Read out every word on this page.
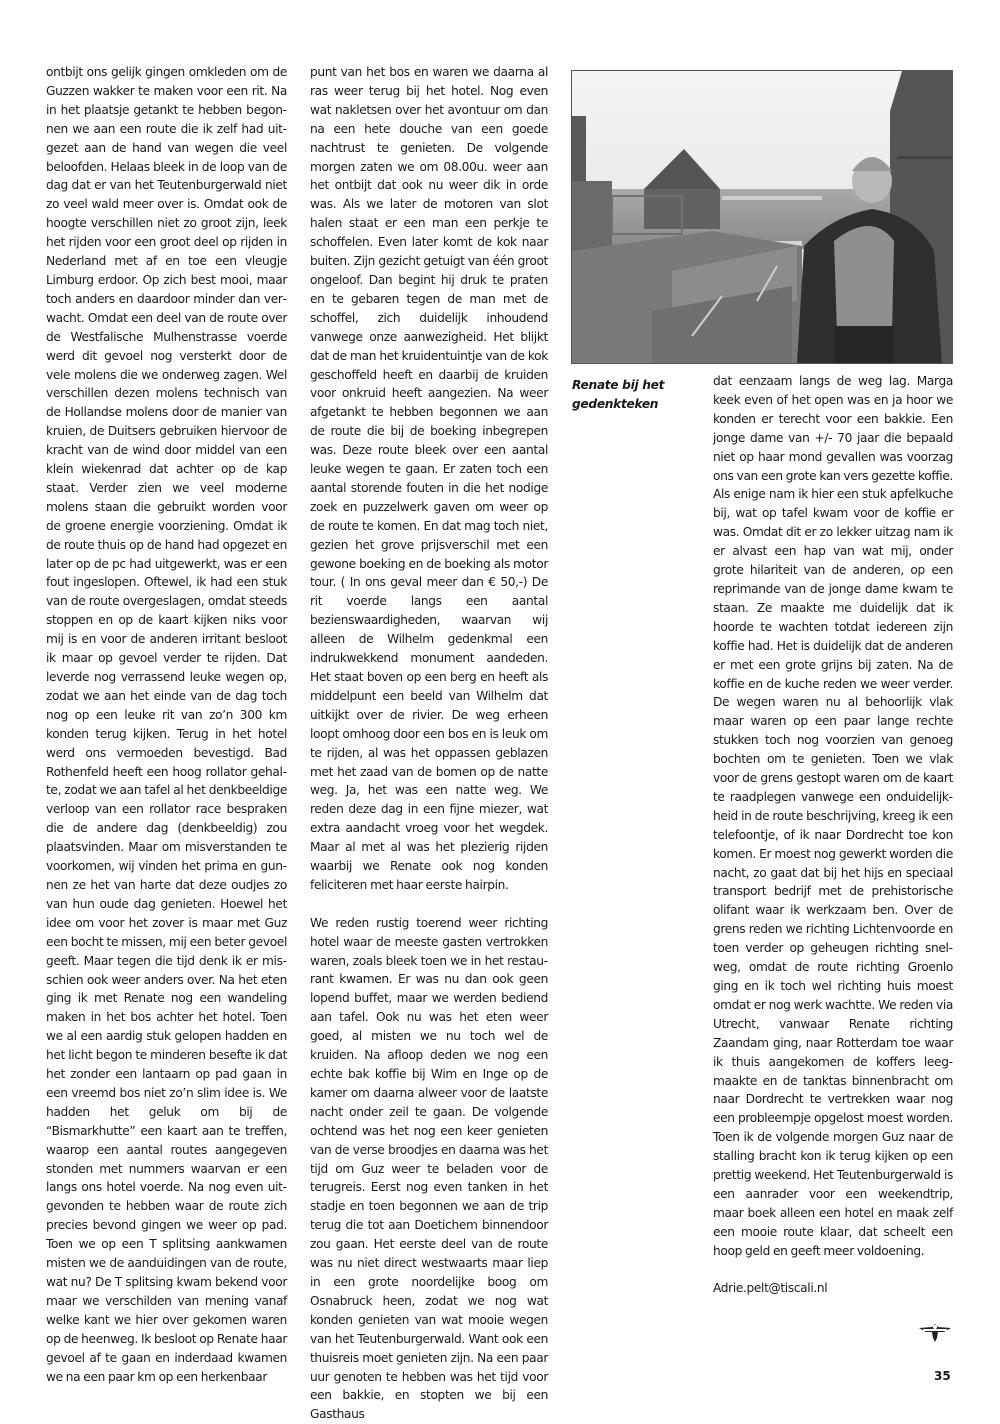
ontbijt ons gelijk gingen omkleden om de Guzzen wakker te maken voor een rit. Na in het plaatsje getankt te hebben begonnen we aan een route die ik zelf had uitgezet aan de hand van wegen die veel beloofden. Helaas bleek in de loop van de dag dat er van het Teutenburgerwald niet zo veel wald meer over is. Omdat ook de hoogte verschillen niet zo groot zijn, leek het rijden voor een groot deel op rijden in Nederland met af en toe een vleugje Limburg erdoor. Op zich best mooi, maar toch anders en daardoor minder dan verwacht. Omdat een deel van de route over de Westfalische Mulhenstrasse voerde werd dit gevoel nog versterkt door de vele molens die we onderweg zagen. Wel verschillen dezen molens technisch van de Hollandse molens door de manier van kruien, de Duitsers gebruiken hiervoor de kracht van de wind door middel van een klein wiekenrad dat achter op de kap staat. Verder zien we veel moderne molens staan die gebruikt worden voor de groene energie voorziening. Omdat ik de route thuis op de hand had opgezet en later op de pc had uitgewerkt, was er een fout ingeslopen. Oftewel, ik had een stuk van de route overgeslagen, omdat steeds stoppen en op de kaart kijken niks voor mij is en voor de anderen irritant besloot ik maar op gevoel verder te rijden. Dat leverde nog verrassend leuke wegen op, zodat we aan het einde van de dag toch nog op een leuke rit van zo’n 300 km konden terug kijken. Terug in het hotel werd ons vermoeden bevestigd. Bad Rothenfeld heeft een hoog rollator gehalte, zodat we aan tafel al het denkbeeldige verloop van een rollator race bespraken die de andere dag (denkbeeldig) zou plaatsvinden. Maar om misverstanden te voorkomen, wij vinden het prima en gunnen ze het van harte dat deze oudjes zo van hun oude dag genieten. Hoewel het idee om voor het zover is maar met Guz een bocht te missen, mij een beter gevoel geeft. Maar tegen die tijd denk ik er misschien ook weer anders over. Na het eten ging ik met Renate nog een wandeling maken in het bos achter het hotel. Toen we al een aardig stuk gelopen hadden en het licht begon te minderen besefte ik dat het zonder een lantaarn op pad gaan in een vreemd bos niet zo’n slim idee is. We hadden het geluk om bij de “Bismarkhutte” een kaart aan te treffen, waarop een aantal routes aangegeven stonden met nummers waarvan er een langs ons hotel voerde. Na nog even uitgevonden te hebben waar de route zich precies bevond gingen we weer op pad. Toen we op een T splitsing aankwamen misten we de aanduidingen van de route, wat nu? De T splitsing kwam bekend voor maar we verschilden van mening vanaf welke kant we hier over gekomen waren op de heenweg. Ik besloot op Renate haar gevoel af te gaan en inderdaad kwamen we na een paar km op een herkenbaar

punt van het bos en waren we daarna al ras weer terug bij het hotel. Nog even wat nakletsen over het avontuur om dan na een hete douche van een goede nachtrust te genieten. De volgende morgen zaten we om 08.00u. weer aan het ontbijt dat ook nu weer dik in orde was. Als we later de motoren van slot halen staat er een man een perkje te schoffelen. Even later komt de kok naar buiten. Zijn gezicht getuigt van één groot ongeloof. Dan begint hij druk te praten en te gebaren tegen de man met de schoffel, zich duidelijk inhoudend vanwege onze aanwezigheid. Het blijkt dat de man het kruidentuintje van de kok geschoffeld heeft en daarbij de kruiden voor onkruid heeft aangezien. Na weer afgetankt te hebben begonnen we aan de route die bij de boeking inbegrepen was. Deze route bleek over een aantal leuke wegen te gaan. Er zaten toch een aantal storende fouten in die het nodige zoek en puzzelwerk gaven om weer op de route te komen. En dat mag toch niet, gezien het grove prijsverschil met een gewone boeking en de boeking als motor tour. ( In ons geval meer dan € 50,-) De rit voerde langs een aantal bezienswaardigheden, waarvan wij alleen de Wilhelm gedenkmal een indrukwekkend monument aandeden. Het staat boven op een berg en heeft als middelpunt een beeld van Wilhelm dat uitkijkt over de rivier. De weg erheen loopt omhoog door een bos en is leuk om te rijden, al was het oppassen geblazen met het zaad van de bomen op de natte weg. Ja, het was een natte weg. We reden deze dag in een fijne miezer, wat extra aandacht vroeg voor het wegdek. Maar al met al was het plezierig rijden waarbij we Renate ook nog konden feliciteren met haar eerste hairpin.

We reden rustig toerend weer richting hotel waar de meeste gasten vertrokken waren, zoals bleek toen we in het restaurant kwamen. Er was nu dan ook geen lopend buffet, maar we werden bediend aan tafel. Ook nu was het eten weer goed, al misten we nu toch wel de kruiden. Na afloop deden we nog een echte bak koffie bij Wim en Inge op de kamer om daarna alweer voor de laatste nacht onder zeil te gaan. De volgende ochtend was het nog een keer genieten van de verse broodjes en daarna was het tijd om Guz weer te beladen voor de terugreis. Eerst nog even tanken in het stadje en toen begonnen we aan de trip terug die tot aan Doetichem binnendoor zou gaan. Het eerste deel van de route was nu niet direct westwaarts maar liep in een grote noordelijke boog om Osnabruck heen, zodat we nog wat konden genieten van wat mooie wegen van het Teutenburgerwald. Want ook een thuisreis moet genieten zijn. Na een paar uur genoten te hebben was het tijd voor een bakkie, en stopten we bij een Gasthaus

Renate bij het gedenkteken

dat eenzaam langs de weg lag. Marga keek even of het open was en ja hoor we konden er terecht voor een bakkie. Een jonge dame van +/- 70 jaar die bepaald niet op haar mond gevallen was voorzag ons van een grote kan vers gezette koffie. Als enige nam ik hier een stuk apfelkuche bij, wat op tafel kwam voor de koffie er was. Omdat dit er zo lekker uitzag nam ik er alvast een hap van wat mij, onder grote hilariteit van de anderen, op een reprimande van de jonge dame kwam te staan. Ze maakte me duidelijk dat ik hoorde te wachten totdat iedereen zijn koffie had. Het is duidelijk dat de anderen er met een grote grijns bij zaten. Na de koffie en de kuche reden we weer verder. De wegen waren nu al behoorlijk vlak maar waren op een paar lange rechte stukken toch nog voorzien van genoeg bochten om te genieten. Toen we vlak voor de grens gestopt waren om de kaart te raadplegen vanwege een onduidelijkheid in de route beschrijving, kreeg ik een telefoontje, of ik naar Dordrecht toe kon komen. Er moest nog gewerkt worden die nacht, zo gaat dat bij het hijs en speciaal transport bedrijf met de prehistorische olifant waar ik werkzaam ben. Over de grens reden we richting Lichtenvoorde en toen verder op geheugen richting snelweg, omdat de route richting Groenlo ging en ik toch wel richting huis moest omdat er nog werk wachtte. We reden via Utrecht, vanwaar Renate richting Zaandam ging, naar Rotterdam toe waar ik thuis aangekomen de koffers leegmaakte en de tanktas binnenbracht om naar Dordrecht te vertrekken waar nog een probleempje opgelost moest worden. Toen ik de volgende morgen Guz naar de stalling bracht kon ik terug kijken op een prettig weekend. Het Teutenburgerwald is een aanrader voor een weekendtrip, maar boek alleen een hotel en maak zelf een mooie route klaar, dat scheelt een hoop geld en geeft meer voldoening.

Adrie.pelt@tiscali.nl

35
